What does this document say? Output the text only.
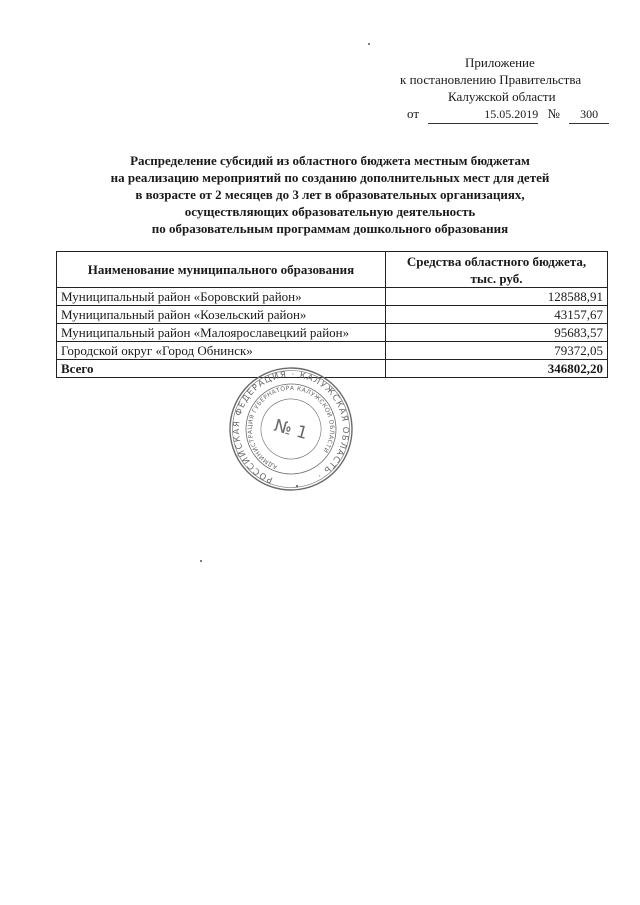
Приложение
к постановлению Правительства
Калужской области
от	15.05.2019 № 300
Распределение субсидий из областного бюджета местным бюджетам
на реализацию мероприятий по созданию дополнительных мест для детей
в возрасте от 2 месяцев до 3 лет в образовательных организациях,
осуществляющих образовательную деятельность
по образовательным программам дошкольного образования
Наименование муниципального образования	Средства областного бюджета,
тыс. руб.

Муниципальный район «Боровский район»	128588,91
Муниципальный район «Козельский район»	43157,67
Муниципальный район «Малоярославецкий район»	95683,57
Городской округ «Город Обнинск»	79372,05
Всего	346802,20
РОССИЙСКАЯ ФЕДЕРАЦИЯ · КАЛУЖСКАЯ ОБЛАСТЬ ·
АДМИНИСТРАЦИЯ ГУБЕРНАТОРА КАЛУЖСКОЙ ОБЛАСТИ
№ 1
